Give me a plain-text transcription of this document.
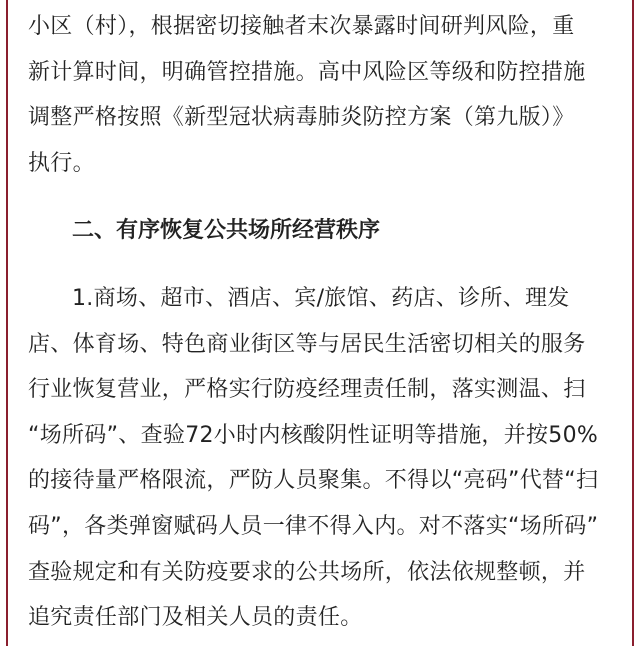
小区（村），根据密切接触者末次暴露时间研判风险，重
新计算时间，明确管控措施。高中风险区等级和防控措施
调整严格按照《新型冠状病毒肺炎防控方案（第九版）》
执行。
二、有序恢复公共场所经营秩序
1.商场、超市、酒店、宾/旅馆、药店、诊所、理发
店、体育场、特色商业街区等与居民生活密切相关的服务
行业恢复营业，严格实行防疫经理责任制，落实测温、扫
“场所码”、查验72小时内核酸阴性证明等措施，并按50%
的接待量严格限流，严防人员聚集。不得以“亮码”代替“扫
码”，各类弹窗赋码人员一律不得入内。对不落实“场所码”
查验规定和有关防疫要求的公共场所，依法依规整顿，并
追究责任部门及相关人员的责任。
